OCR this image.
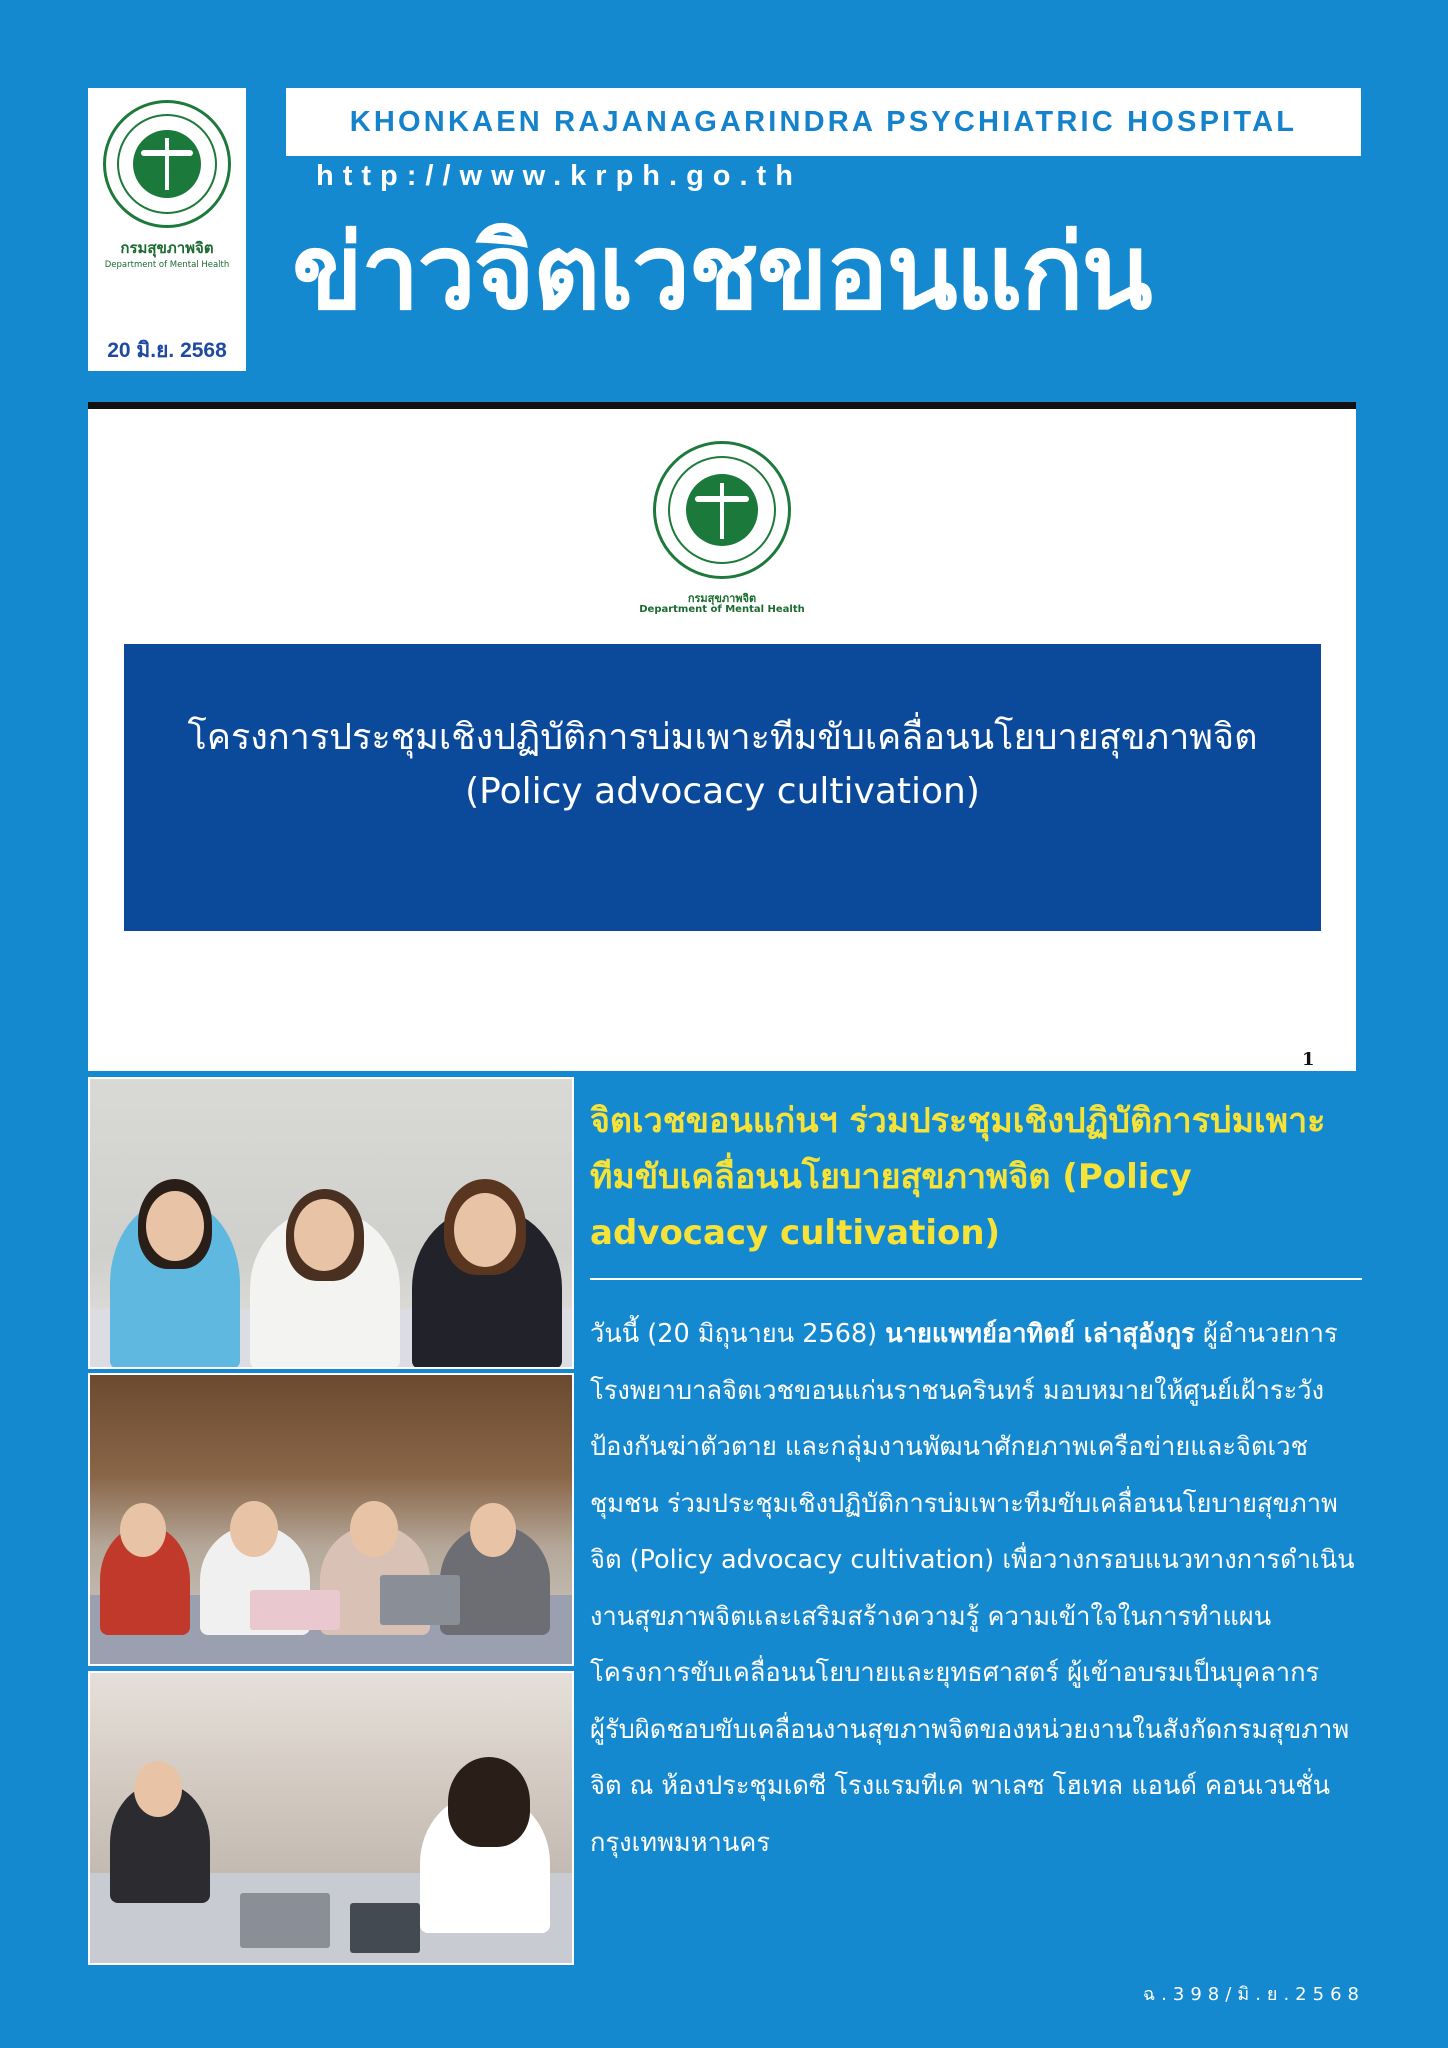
กรมสุขภาพจิต
Department of Mental Health
20 มิ.ย. 2568
KHONKAEN RAJANAGARINDRA PSYCHIATRIC HOSPITAL
http://www.krph.go.th
ข่าวจิตเวชขอนแก่น
กรมสุขภาพจิต
Department of Mental Health
โครงการประชุมเชิงปฏิบัติการบ่มเพาะทีมขับเคลื่อนนโยบายสุขภาพจิต
(Policy advocacy cultivation)
1
จิตเวชขอนแก่นฯ ร่วมประชุมเชิงปฏิบัติการบ่มเพาะทีมขับเคลื่อนนโยบายสุขภาพจิต (Policy advocacy cultivation)
วันนี้ (20 มิถุนายน 2568) นายแพทย์อาทิตย์ เล่าสุอังกูร ผู้อำนวยการโรงพยาบาลจิตเวชขอนแก่นราชนครินทร์ มอบหมายให้ศูนย์เฝ้าระวังป้องกันฆ่าตัวตาย และกลุ่มงานพัฒนาศักยภาพเครือข่ายและจิตเวชชุมชน ร่วมประชุมเชิงปฏิบัติการบ่มเพาะทีมขับเคลื่อนนโยบายสุขภาพจิต (Policy advocacy cultivation) เพื่อวางกรอบแนวทางการดำเนินงานสุขภาพจิตและเสริมสร้างความรู้ ความเข้าใจในการทำแผนโครงการขับเคลื่อนนโยบายและยุทธศาสตร์ ผู้เข้าอบรมเป็นบุคลากรผู้รับผิดชอบขับเคลื่อนงานสุขภาพจิตของหน่วยงานในสังกัดกรมสุขภาพจิต ณ ห้องประชุมเดซี โรงแรมทีเค พาเลซ โฮเทล แอนด์ คอนเวนชั่น กรุงเทพมหานคร
ฉ.398/มิ.ย.2568
